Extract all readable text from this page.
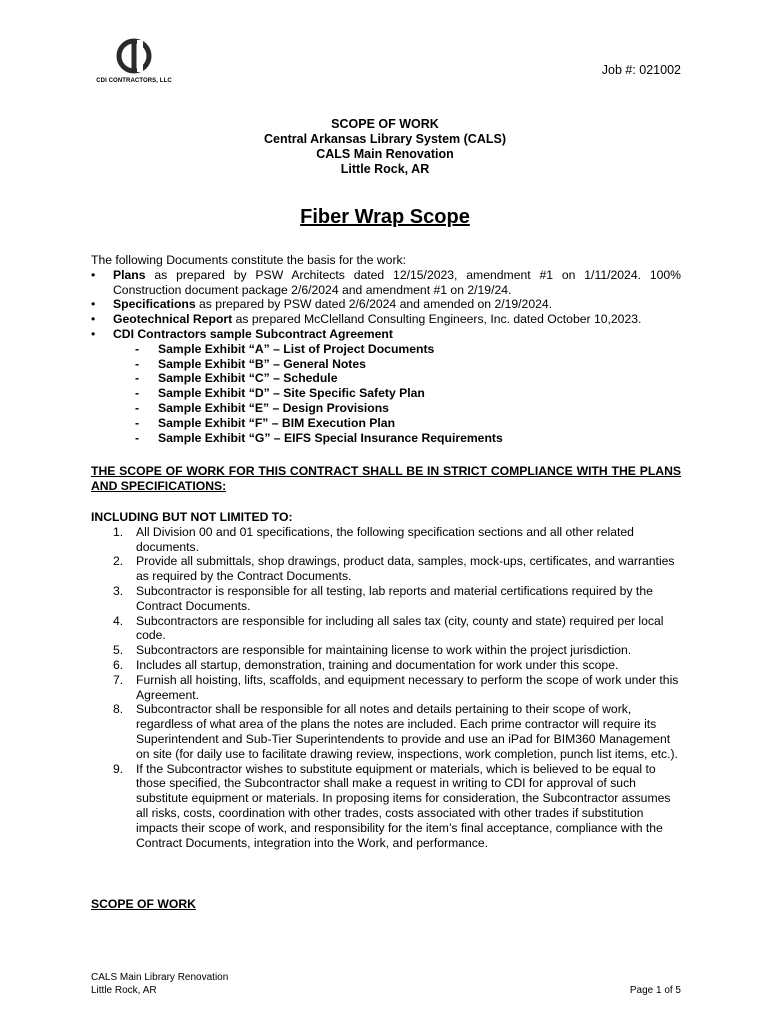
CDI CONTRACTORS, LLC
Job #: 021002
SCOPE OF WORK
Central Arkansas Library System (CALS)
CALS Main Renovation
Little Rock, AR
Fiber Wrap Scope
The following Documents constitute the basis for the work:
• Plans as prepared by PSW Architects dated 12/15/2023, amendment #1 on 1/11/2024. 100% Construction document package 2/6/2024 and amendment #1 on 2/19/24.
• Specifications as prepared by PSW dated 2/6/2024 and amended on 2/19/2024.
• Geotechnical Report as prepared McClelland Consulting Engineers, Inc. dated October 10,2023.
• CDI Contractors sample Subcontract Agreement
- Sample Exhibit “A” – List of Project Documents
- Sample Exhibit “B” – General Notes
- Sample Exhibit “C” – Schedule
- Sample Exhibit “D” – Site Specific Safety Plan
- Sample Exhibit “E” – Design Provisions
- Sample Exhibit “F” – BIM Execution Plan
- Sample Exhibit “G” – EIFS Special Insurance Requirements
THE SCOPE OF WORK FOR THIS CONTRACT SHALL BE IN STRICT COMPLIANCE WITH THE PLANS AND SPECIFICATIONS:
INCLUDING BUT NOT LIMITED TO:
1.	All Division 00 and 01 specifications, the following specification sections and all other related documents.
2.	Provide all submittals, shop drawings, product data, samples, mock-ups, certificates, and warranties as required by the Contract Documents.
3.	Subcontractor is responsible for all testing, lab reports and material certifications required by the Contract Documents.
4.	Subcontractors are responsible for including all sales tax (city, county and state) required per local code.
5.	Subcontractors are responsible for maintaining license to work within the project jurisdiction.
6.	Includes all startup, demonstration, training and documentation for work under this scope.
7.	Furnish all hoisting, lifts, scaffolds, and equipment necessary to perform the scope of work under this Agreement.
8.	Subcontractor shall be responsible for all notes and details pertaining to their scope of work, regardless of what area of the plans the notes are included. Each prime contractor will require its Superintendent and Sub-Tier Superintendents to provide and use an iPad for BIM360 Management on site (for daily use to facilitate drawing review, inspections, work completion, punch list items, etc.).
9.	If the Subcontractor wishes to substitute equipment or materials, which is believed to be equal to those specified, the Subcontractor shall make a request in writing to CDI for approval of such substitute equipment or materials. In proposing items for consideration, the Subcontractor assumes all risks, costs, coordination with other trades, costs associated with other trades if substitution impacts their scope of work, and responsibility for the item’s final acceptance, compliance with the Contract Documents, integration into the Work, and performance.
SCOPE OF WORK
CALS Main Library Renovation
Little Rock, AR	Page 1 of 5
